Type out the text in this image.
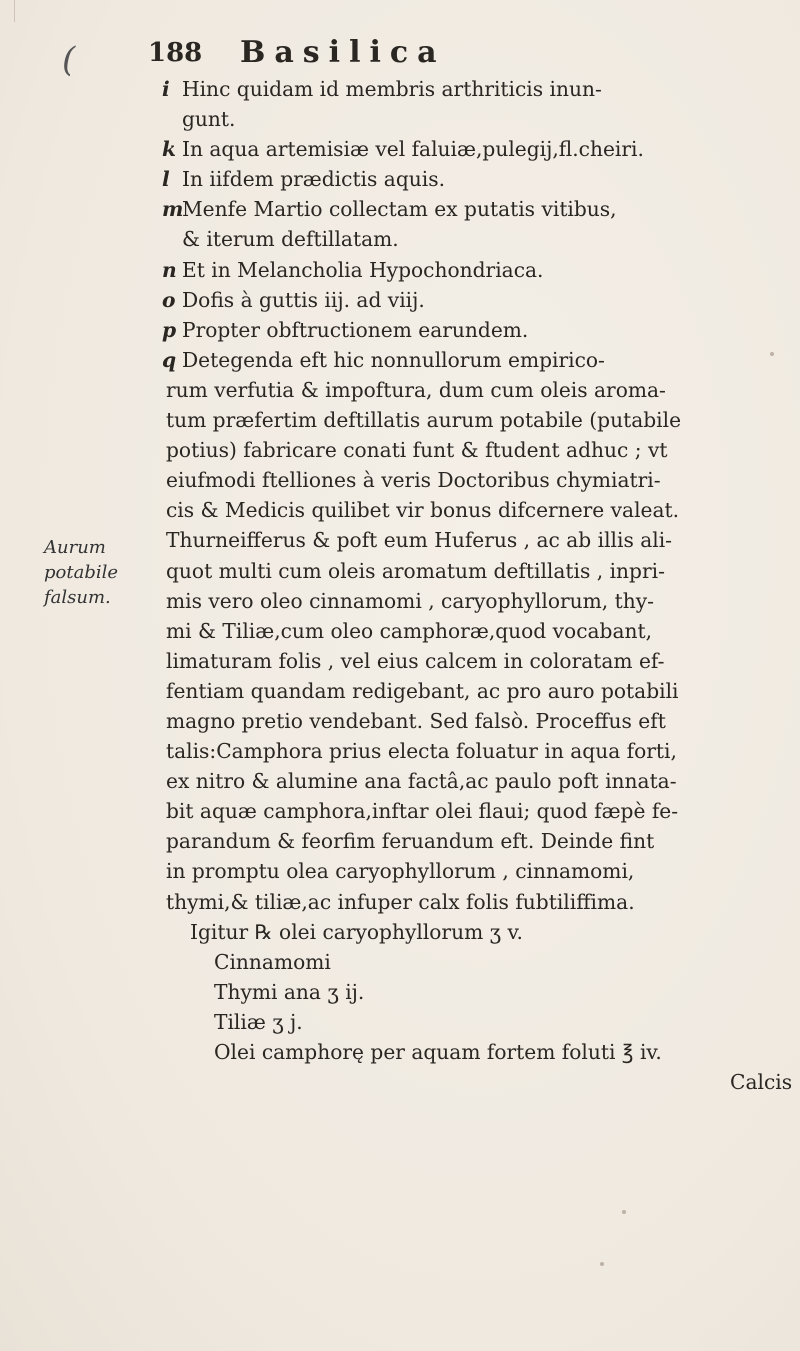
(	188 Basilica
Aurum
potabile
falsum.
i Hinc quidam id membris arthriticis inun-
gunt.
k In aqua artemisiæ vel faluiæ,pulegij,fl.cheiri.
l In iifdem prædictis aquis.
mMenfe Martio collectam ex putatis vitibus,
& iterum deftillatam.
n Et in Melancholia Hypochondriaca.
o Dofis à guttis iij. ad viij.
p Propter obftructionem earundem.
q Detegenda eft hic nonnullorum empirico-
rum verfutia & impoftura, dum cum oleis aroma-
tum præfertim deftillatis aurum potabile (putabile
potius) fabricare conati funt & ftudent adhuc ; vt
eiufmodi ftelliones à veris Doctoribus chymiatri-
cis & Medicis quilibet vir bonus difcernere valeat.
Thurneifferus & poft eum Huferus , ac ab illis ali-
quot multi cum oleis aromatum deftillatis , inpri-
mis vero oleo cinnamomi , caryophyllorum, thy-
mi & Tiliæ,cum oleo camphoræ,quod vocabant,
limaturam folis , vel eius calcem in coloratam ef-
fentiam quandam redigebant, ac pro auro potabili
magno pretio vendebant. Sed falsò. Proceffus eft
talis:Camphora prius electa foluatur in aqua forti,
ex nitro & alumine ana factâ,ac paulo poft innata-
bit aquæ camphora,inftar olei flaui; quod fæpè fe-
parandum & feorfim feruandum eft. Deinde fint
in promptu olea caryophyllorum , cinnamomi,
thymi,& tiliæ,ac infuper calx folis fubtiliffima.
Igitur ℞ olei caryophyllorum ʒ v.
Cinnamomi
Thymi ana ʒ ij.
Tiliæ ʒ j.
Olei camphorę per aquam fortem foluti ℥ iv.
Calcis
